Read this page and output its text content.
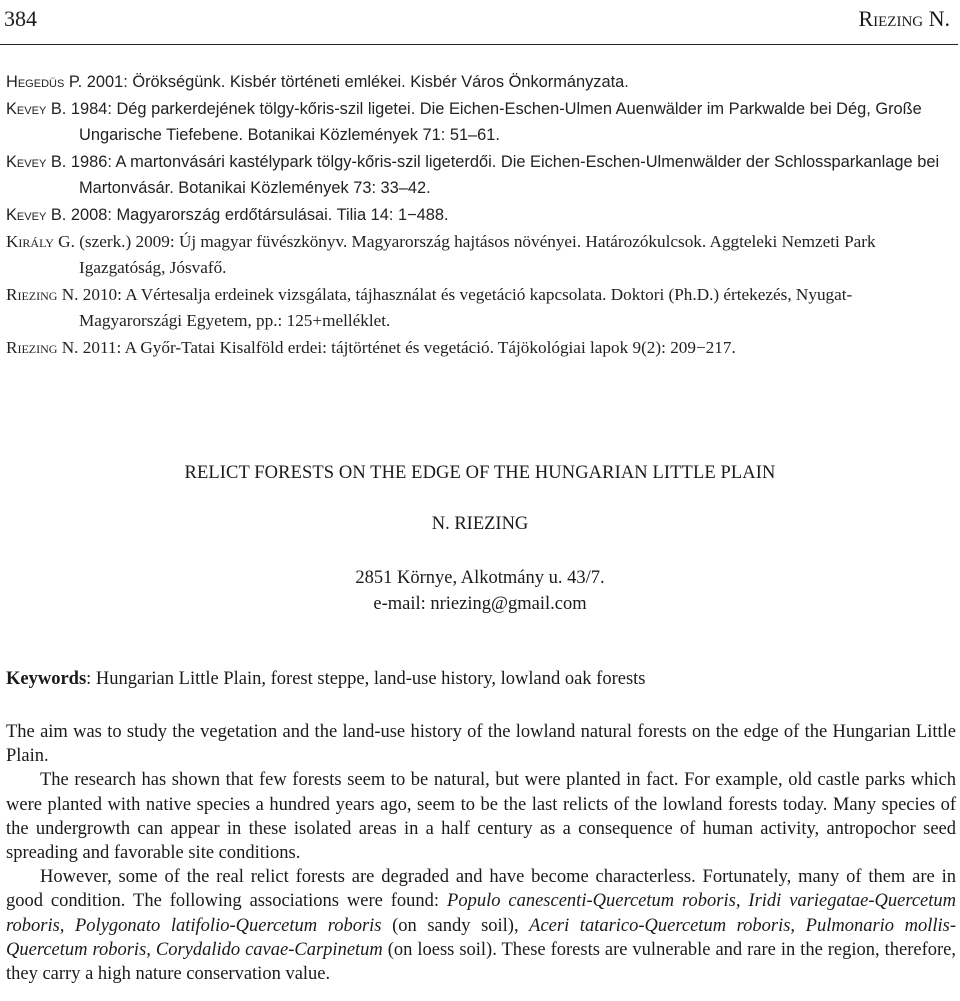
384	Riezing N.

Hegedüs P. 2001: Örökségünk. Kisbér történeti emlékei. Kisbér Város Önkormányzata.

Kevey B. 1984: Dég parkerdejének tölgy-kőris-szil ligetei. Die Eichen-Eschen-Ulmen Auenwälder im Parkwalde bei Dég, Große Ungarische Tiefebene. Botanikai Közlemények 71: 51–61.

Kevey B. 1986: A martonvásári kastélypark tölgy-kőris-szil ligeterdői. Die Eichen-Eschen-Ulmenwälder der Schlossparkanlage bei Martonvásár. Botanikai Közlemények 73: 33–42.

Kevey B. 2008: Magyarország erdőtársulásai. Tilia 14: 1−488.

Király G. (szerk.) 2009: Új magyar füvészkönyv. Magyarország hajtásos növényei. Határozókulcsok. Aggteleki Nemzeti Park Igazgatóság, Jósvafő.

Riezing N. 2010: A Vértesalja erdeinek vizsgálata, tájhasználat és vegetáció kapcsolata. Doktori (Ph.D.) értekezés, Nyugat-Magyarországi Egyetem, pp.: 125+melléklet.

Riezing N. 2011: A Győr-Tatai Kisalföld erdei: tájtörténet és vegetáció. Tájökológiai lapok 9(2): 209−217.

RELICT FORESTS ON THE EDGE OF THE HUNGARIAN LITTLE PLAIN
N. RIEZING
2851 Környe, Alkotmány u. 43/7.
e-mail: nriezing@gmail.com
Keywords: Hungarian Little Plain, forest steppe, land-use history, lowland oak forests

The aim was to study the vegetation and the land-use history of the lowland natural forests on the edge of the Hungarian Little Plain.

The research has shown that few forests seem to be natural, but were planted in fact. For example, old castle parks which were planted with native species a hundred years ago, seem to be the last relicts of the lowland forests today. Many species of the undergrowth can appear in these isolated areas in a half century as a consequence of human activity, antropochor seed spreading and favorable site conditions.

However, some of the real relict forests are degraded and have become characterless. Fortunately, many of them are in good condition. The following associations were found: Populo canescenti-Quercetum roboris, Iridi variegatae-Quercetum roboris, Polygonato latifolio-Quercetum roboris (on sandy soil), Aceri tatarico-Quercetum roboris, Pulmonario mollis-Quercetum roboris, Corydalido cavae-Carpinetum (on loess soil). These forests are vulnerable and rare in the region, therefore, they carry a high nature conservation value.
